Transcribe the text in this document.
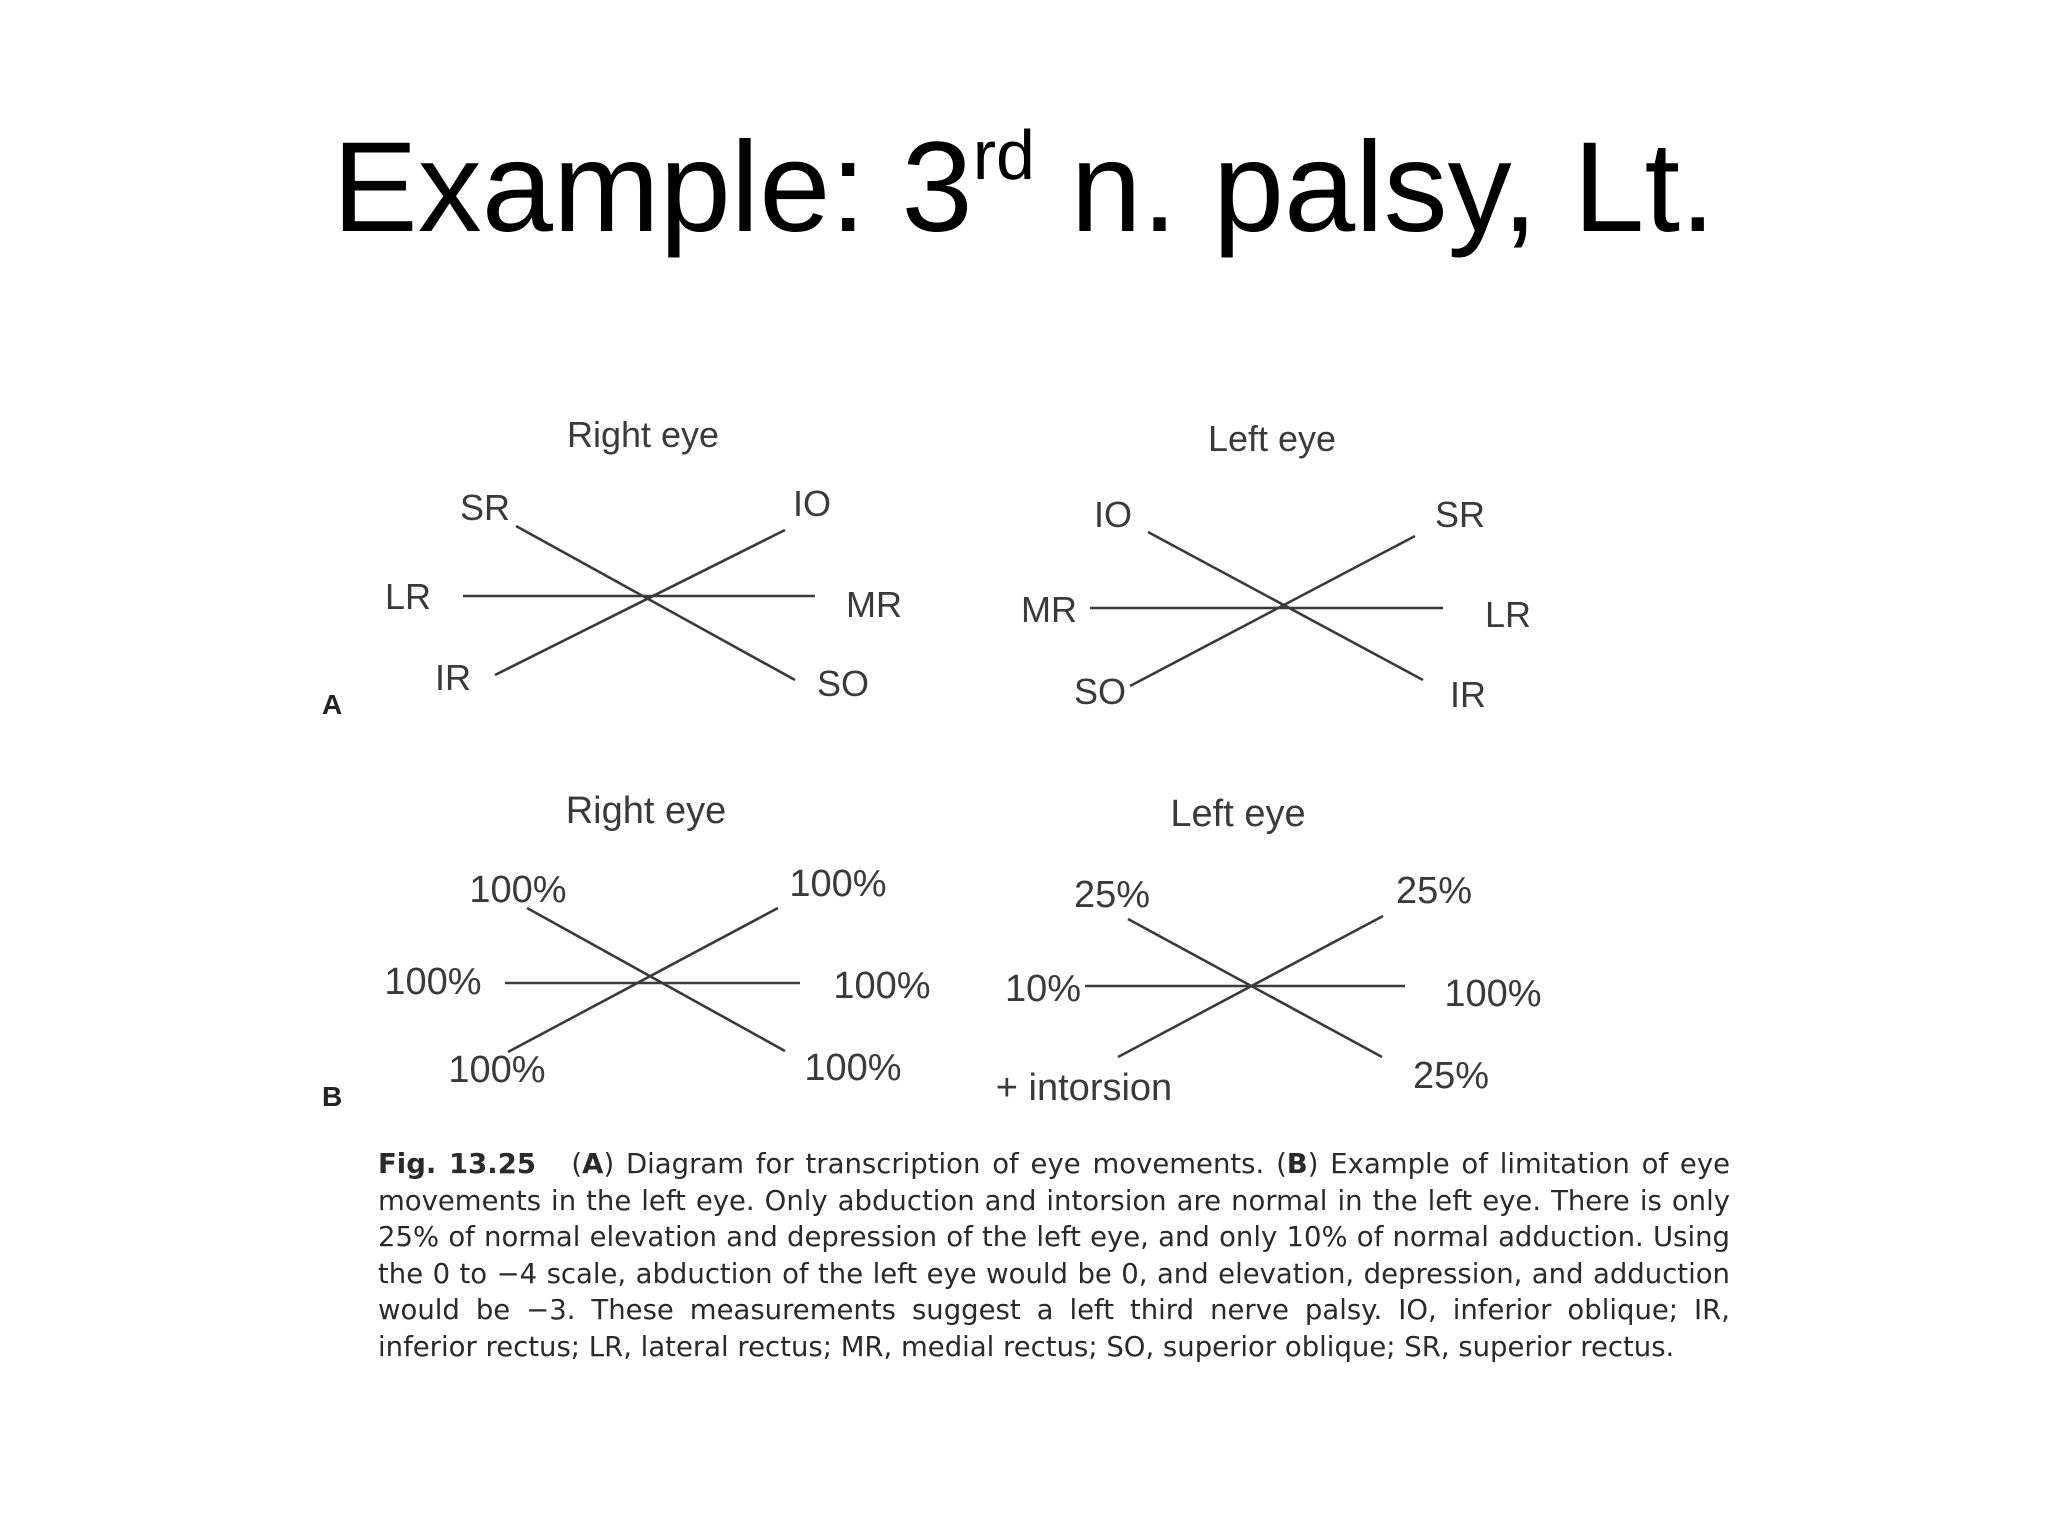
Example: 3rd n. palsy, Lt.
A
B
Right eye
SR	IO
LR	MR
IR	SO
Left eye
IO	SR
MR	LR
SO	IR
Right eye
100%	100%
100%	100%
100%	100%
Left eye
25%	25%
10%	100%
+ intorsion	25%
Fig. 13.25   (A) Diagram for transcription of eye movements. (B) Example of limitation of eye movements in the left eye. Only abduction and intorsion are normal in the left eye. There is only 25% of normal elevation and depression of the left eye, and only 10% of normal adduction. Using the 0 to −4 scale, abduction of the left eye would be 0, and elevation, depression, and adduction would be −3. These measurements suggest a left third nerve palsy. IO, inferior oblique; IR, inferior rectus; LR, lateral rectus; MR, medial rectus; SO, superior oblique; SR, superior rectus.
